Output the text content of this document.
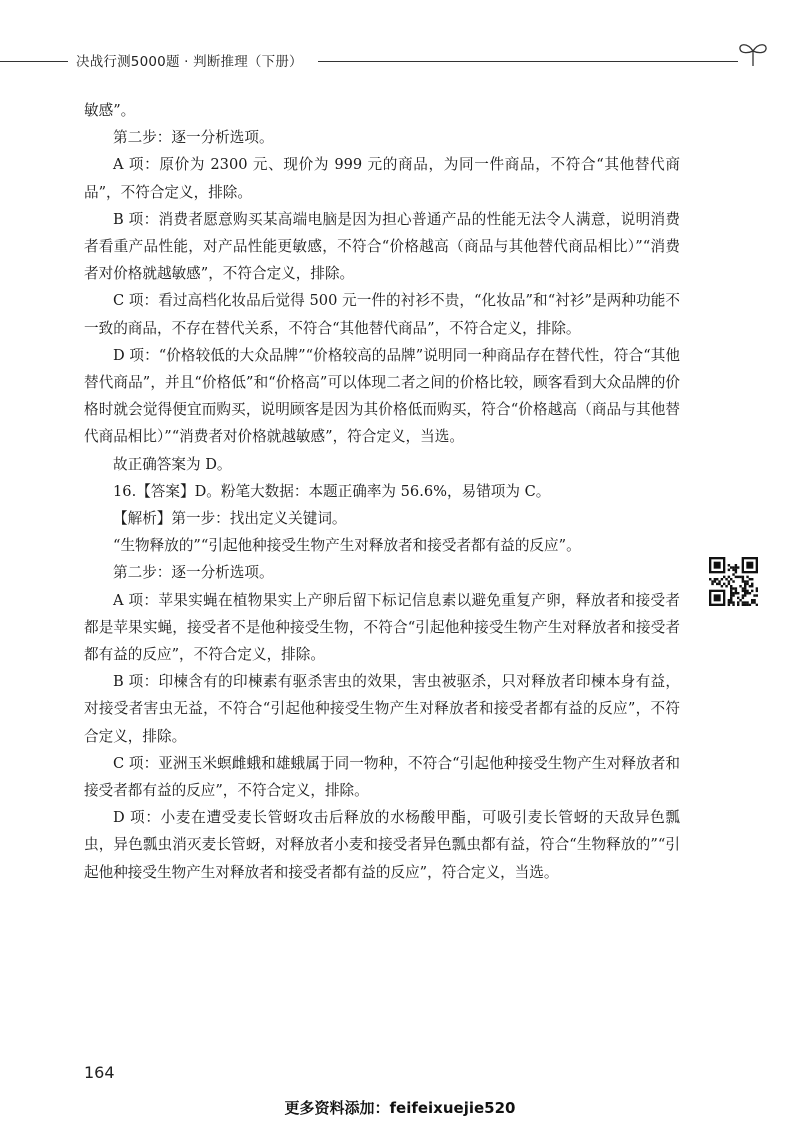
决战行测5000题 · 判断推理（下册）

敏感”。

第二步：逐一分析选项。

A 项：原价为 2300 元、现价为 999 元的商品，为同一件商品，不符合“其他替代商品”，不符合定义，排除。

B 项：消费者愿意购买某高端电脑是因为担心普通产品的性能无法令人满意，说明消费者看重产品性能，对产品性能更敏感，不符合“价格越高（商品与其他替代商品相比）”“消费者对价格就越敏感”，不符合定义，排除。

C 项：看过高档化妆品后觉得 500 元一件的衬衫不贵，“化妆品”和“衬衫”是两种功能不一致的商品，不存在替代关系，不符合“其他替代商品”，不符合定义，排除。

D 项：“价格较低的大众品牌”“价格较高的品牌”说明同一种商品存在替代性，符合“其他替代商品”，并且“价格低”和“价格高”可以体现二者之间的价格比较，顾客看到大众品牌的价格时就会觉得便宜而购买，说明顾客是因为其价格低而购买，符合“价格越高（商品与其他替代商品相比）”“消费者对价格就越敏感”，符合定义，当选。

故正确答案为 D。

16.【答案】D。粉笔大数据：本题正确率为 56.6%，易错项为 C。

【解析】第一步：找出定义关键词。

“生物释放的”“引起他种接受生物产生对释放者和接受者都有益的反应”。

第二步：逐一分析选项。

A 项：苹果实蝇在植物果实上产卵后留下标记信息素以避免重复产卵，释放者和接受者都是苹果实蝇，接受者不是他种接受生物，不符合“引起他种接受生物产生对释放者和接受者都有益的反应”，不符合定义，排除。

B 项：印楝含有的印楝素有驱杀害虫的效果，害虫被驱杀，只对释放者印楝本身有益，对接受者害虫无益，不符合“引起他种接受生物产生对释放者和接受者都有益的反应”，不符合定义，排除。

C 项：亚洲玉米螟雌蛾和雄蛾属于同一物种，不符合“引起他种接受生物产生对释放者和接受者都有益的反应”，不符合定义，排除。

D 项：小麦在遭受麦长管蚜攻击后释放的水杨酸甲酯，可吸引麦长管蚜的天敌异色瓢虫，异色瓢虫消灭麦长管蚜，对释放者小麦和接受者异色瓢虫都有益，符合“生物释放的”“引起他种接受生物产生对释放者和接受者都有益的反应”，符合定义，当选。

164
更多资料添加：feifeixuejie520
